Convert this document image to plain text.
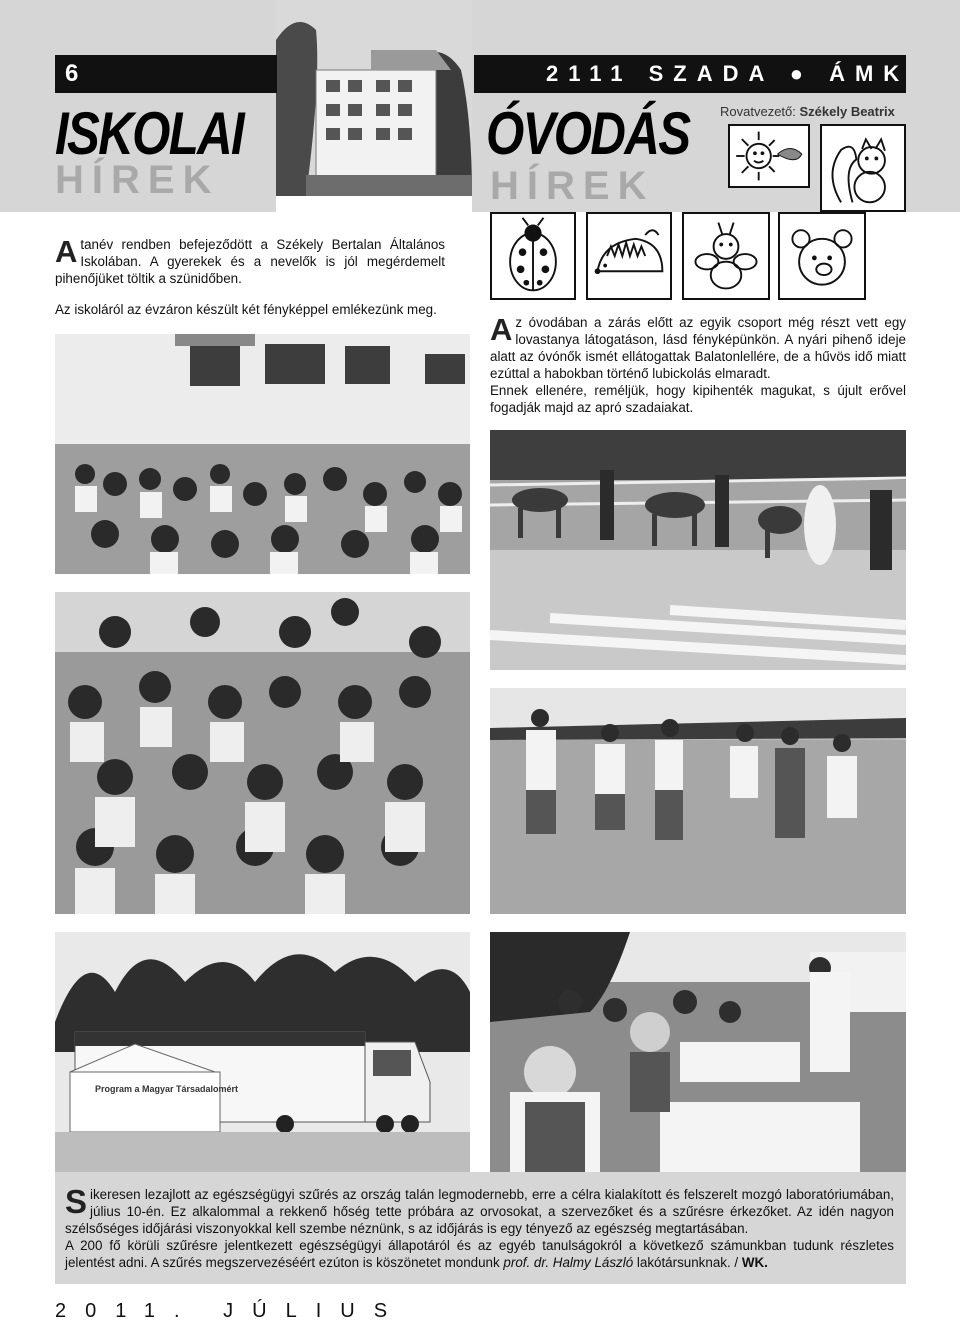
6	2111 SZADA ● ÁMK
ISKOLAI
HÍREK
ÓVODÁS
HÍREK
Rovatvezető: Székely Beatrix

Atanév rendben befejeződött a Székely Bertalan Általános Iskolában. A gyerekek és a nevelők is jól megérdemelt pihenőjüket töltik a szünidőben.

Az iskoláról az évzáron készült két fényképpel emlékezünk meg.

Az óvodában a zárás előtt az egyik csoport még részt vett egy lovastanya látogatáson, lásd fényképünkön. A nyári pihenő ideje alatt az óvónők ismét ellátogattak Balatonlellére, de a hűvös idő miatt ezúttal a habokban történő lubickolás elmaradt.

Ennek ellenére, reméljük, hogy kipihenték magukat, s újult erővel fogadják majd az apró szadaiakat.

Program a Magyar Társadalomért

Sikeresen lezajlott az egészségügyi szűrés az ország talán legmodernebb, erre a célra kialakított és felszerelt mozgó laboratóriumában, július 10-én. Ez alkalommal a rekkenő hőség tette próbára az orvosokat, a szervezőket és a szűrésre érkezőket. Az idén nagyon szélsőséges időjárási viszonyokkal kell szembe néznünk, s az időjárás is egy tényező az egészség megtartásában.

A 200 fő körüli szűrésre jelentkezett egészségügyi állapotáról és az egyéb tanulságokról a következő számunkban tudunk részletes jelentést adni. A szűrés megszervezéséért ezúton is köszönetet mondunk prof. dr. Halmy László lakótársunknak. / WK.

2011. JÚLIUS
